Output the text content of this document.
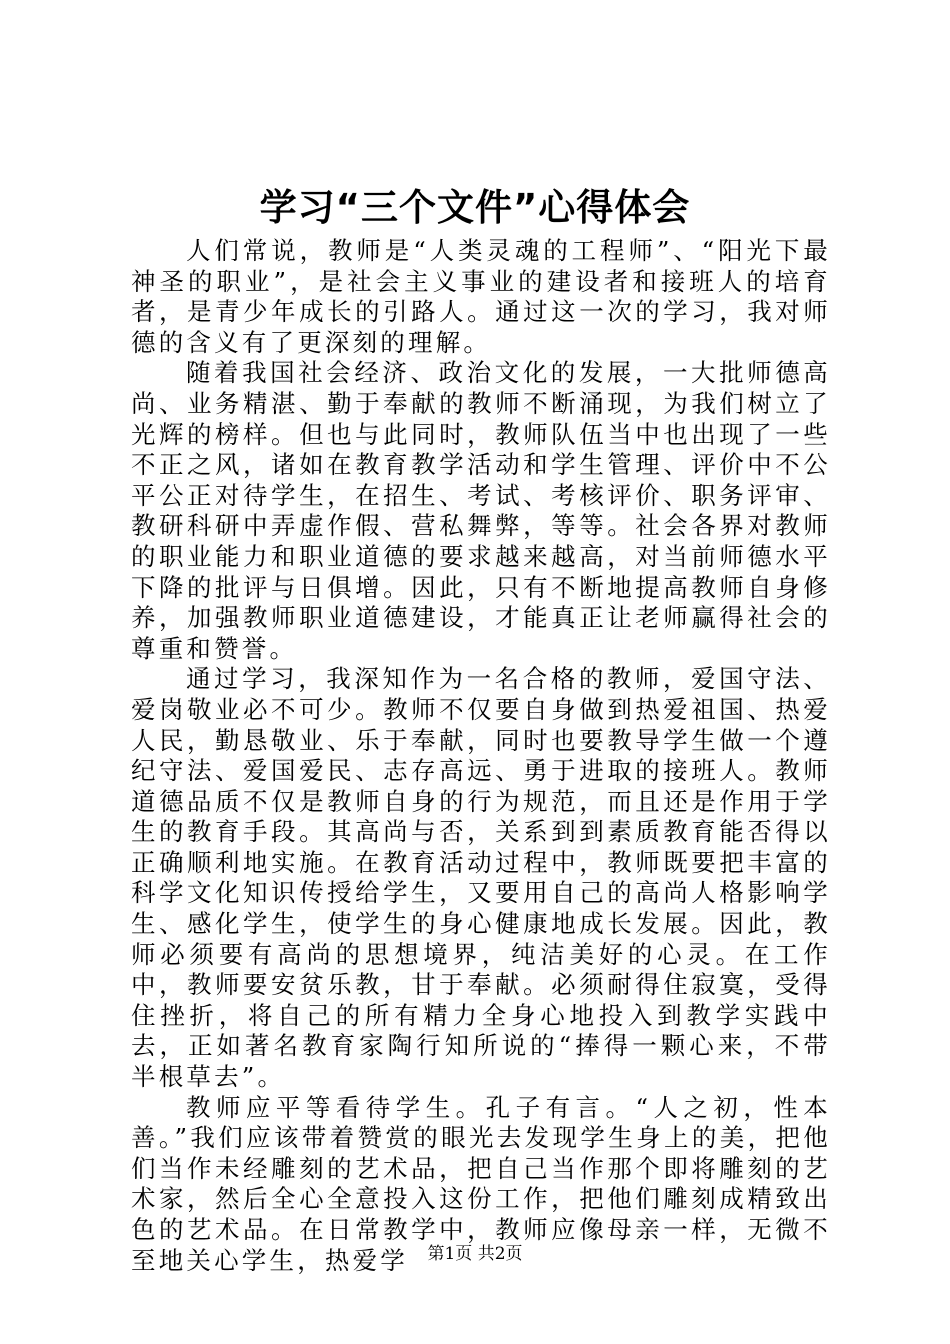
学习“三个文件”心得体会

人们常说，教师是“人类灵魂的工程师”、“阳光下最神圣的职业”，是社会主义事业的建设者和接班人的培育者，是青少年成长的引路人。通过这一次的学习，我对师德的含义有了更深刻的理解。

随着我国社会经济、政治文化的发展，一大批师德高尚、业务精湛、勤于奉献的教师不断涌现，为我们树立了光辉的榜样。但也与此同时，教师队伍当中也出现了一些不正之风，诸如在教育教学活动和学生管理、评价中不公平公正对待学生，在招生、考试、考核评价、职务评审、教研科研中弄虚作假、营私舞弊，等等。社会各界对教师的职业能力和职业道德的要求越来越高，对当前师德水平下降的批评与日俱增。因此，只有不断地提高教师自身修养，加强教师职业道德建设，才能真正让老师赢得社会的尊重和赞誉。

通过学习，我深知作为一名合格的教师，爱国守法、爱岗敬业必不可少。教师不仅要自身做到热爱祖国、热爱人民，勤恳敬业、乐于奉献，同时也要教导学生做一个遵纪守法、爱国爱民、志存高远、勇于进取的接班人。教师道德品质不仅是教师自身的行为规范，而且还是作用于学生的教育手段。其高尚与否，关系到到素质教育能否得以正确顺利地实施。在教育活动过程中，教师既要把丰富的科学文化知识传授给学生，又要用自己的高尚人格影响学生、感化学生，使学生的身心健康地成长发展。因此，教师必须要有高尚的思想境界，纯洁美好的心灵。在工作中，教师要安贫乐教，甘于奉献。必须耐得住寂寞，受得住挫折，将自己的所有精力全身心地投入到教学实践中去，正如著名教育家陶行知所说的“捧得一颗心来，不带半根草去”。

教师应平等看待学生。孔子有言。“人之初，性本善。”我们应该带着赞赏的眼光去发现学生身上的美，把他们当作未经雕刻的艺术品，把自己当作那个即将雕刻的艺术家，然后全心全意投入这份工作，把他们雕刻成精致出色的艺术品。在日常教学中，教师应像母亲一样，无微不至地关心学生，热爱学	第1页 共2页
